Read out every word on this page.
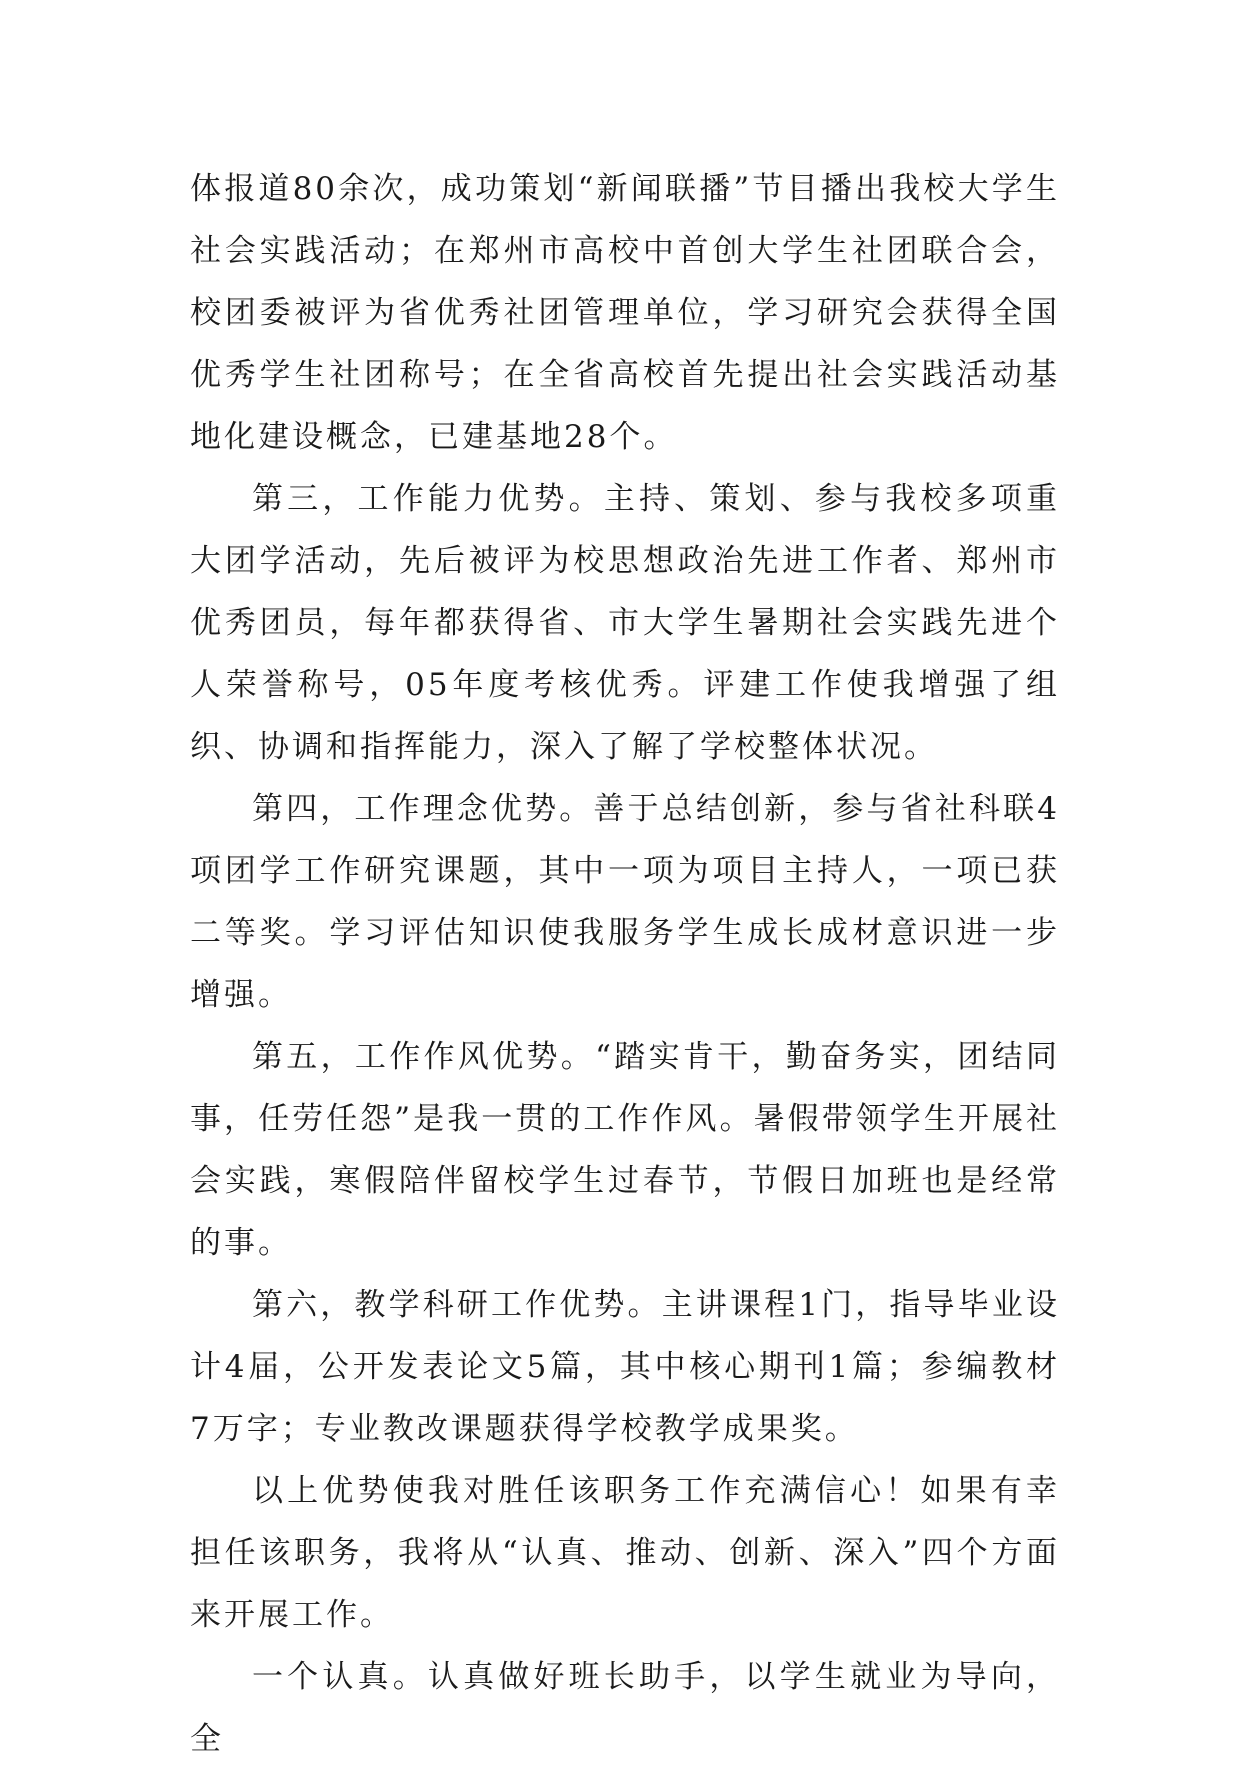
体报道80余次，成功策划“新闻联播”节目播出我校大学生社会实践活动；在郑州市高校中首创大学生社团联合会，校团委被评为省优秀社团管理单位，学习研究会获得全国优秀学生社团称号；在全省高校首先提出社会实践活动基地化建设概念，已建基地28个。

第三，工作能力优势。主持、策划、参与我校多项重大团学活动，先后被评为校思想政治先进工作者、郑州市优秀团员，每年都获得省、市大学生暑期社会实践先进个人荣誉称号，05年度考核优秀。评建工作使我增强了组织、协调和指挥能力，深入了解了学校整体状况。

第四，工作理念优势。善于总结创新，参与省社科联4项团学工作研究课题，其中一项为项目主持人，一项已获二等奖。学习评估知识使我服务学生成长成材意识进一步增强。

第五，工作作风优势。“踏实肯干，勤奋务实，团结同事，任劳任怨”是我一贯的工作作风。暑假带领学生开展社会实践，寒假陪伴留校学生过春节，节假日加班也是经常的事。

第六，教学科研工作优势。主讲课程1门，指导毕业设计4届，公开发表论文5篇，其中核心期刊1篇；参编教材7万字；专业教改课题获得学校教学成果奖。

以上优势使我对胜任该职务工作充满信心！如果有幸担任该职务，我将从“认真、推动、创新、深入”四个方面来开展工作。

一个认真。认真做好班长助手，以学生就业为导向，全
